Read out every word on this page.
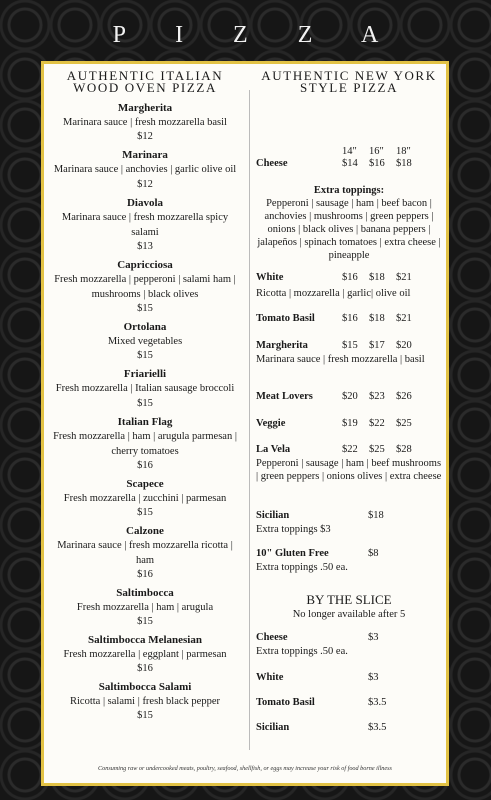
P I Z Z A
AUTHENTIC ITALIAN WOOD OVEN PIZZA
Margherita
Marinara sauce | fresh mozzarella basil
$12
Marinara
Marinara sauce | anchovies | garlic olive oil $12
Diavola
Marinara sauce | fresh mozzarella spicy salami
$13
Capricciosa
Fresh mozzarella | pepperoni | salami ham | mushrooms | black olives
$15
Ortolana
Mixed vegetables
$15
Friarielli
Fresh mozzarella | Italian sausage broccoli $15
Italian Flag
Fresh mozzarella | ham | arugula parmesan | cherry tomatoes
$16
Scapece
Fresh mozzarella | zucchini | parmesan
$15
Calzone
Marinara sauce | fresh mozzarella ricotta | ham
$16
Saltimbocca
Fresh mozzarella | ham | arugula
$15
Saltimbocca Melanesian
Fresh mozzarella | eggplant | parmesan
$16
Saltimbocca Salami
Ricotta | salami | fresh black pepper
$15
AUTHENTIC NEW YORK STYLE PIZZA
14" 16" 18"
Cheese	$14 $16 $18
Extra toppings:
Pepperoni | sausage | ham | beef bacon | anchovies | mushrooms | green peppers | onions | black olives | banana peppers | jalapeños | spinach tomatoes | extra cheese | pineapple
White	$16 $18 $21
Ricotta | mozzarella | garlic| olive oil
Tomato Basil	$16 $18 $21
Margherita	$15 $17 $20
Marinara sauce | fresh mozzarella | basil
Meat Lovers	$20 $23 $26
Veggie	$19 $22 $25
La Vela	$22 $25 $28
Pepperoni | sausage | ham | beef mushrooms | green peppers | onions olives | extra cheese
Sicilian	$18
Extra toppings $3
10" Gluten Free	$8
Extra toppings .50 ea.
BY THE SLICE
No longer available after 5
Cheese	$3
Extra toppings .50 ea.
White	$3
Tomato Basil	$3.5
Sicilian	$3.5
Consuming raw or undercooked meats, poultry, seafood, shellfish, or eggs may increase your risk of food borne illness
